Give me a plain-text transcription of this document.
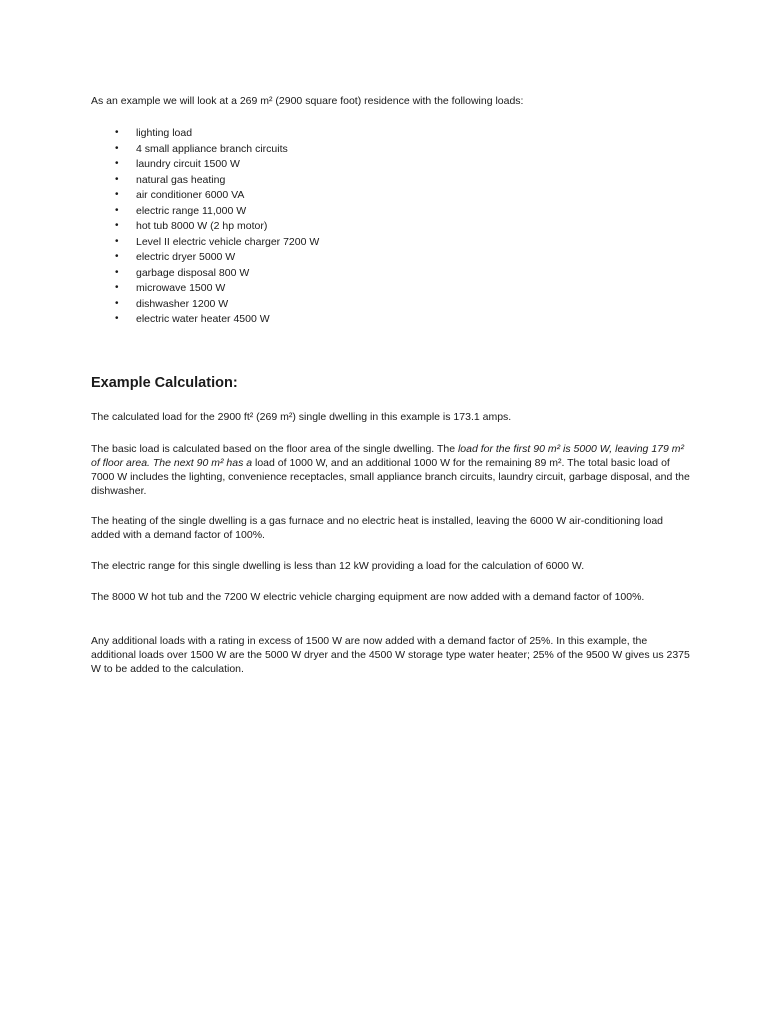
As an example we will look at a 269 m² (2900 square foot) residence with the following loads:

• lighting load
• 4 small appliance branch circuits
• laundry circuit 1500 W
• natural gas heating
• air conditioner 6000 VA
• electric range 11,000 W
• hot tub 8000 W (2 hp motor)
• Level II electric vehicle charger 7200 W
• electric dryer 5000 W
• garbage disposal 800 W
• microwave 1500 W
• dishwasher 1200 W
• electric water heater 4500 W
Example Calculation:

The calculated load for the 2900 ft² (269 m²) single dwelling in this example is 173.1 amps.

The basic load is calculated based on the floor area of the single dwelling. The load for the first 90 m² is 5000 W, leaving 179 m² of floor area. The next 90 m² has a load of 1000 W, and an additional 1000 W for the remaining 89 m². The total basic load of 7000 W includes the lighting, convenience receptacles, small appliance branch circuits, laundry circuit, garbage disposal, and the dishwasher.

The heating of the single dwelling is a gas furnace and no electric heat is installed, leaving the 6000 W air-conditioning load added with a demand factor of 100%.

The electric range for this single dwelling is less than 12 kW providing a load for the calculation of 6000 W.

The 8000 W hot tub and the 7200 W electric vehicle charging equipment are now added with a demand factor of 100%.

Any additional loads with a rating in excess of 1500 W are now added with a demand factor of 25%. In this example, the additional loads over 1500 W are the 5000 W dryer and the 4500 W storage type water heater; 25% of the 9500 W gives us 2375 W to be added to the calculation.
